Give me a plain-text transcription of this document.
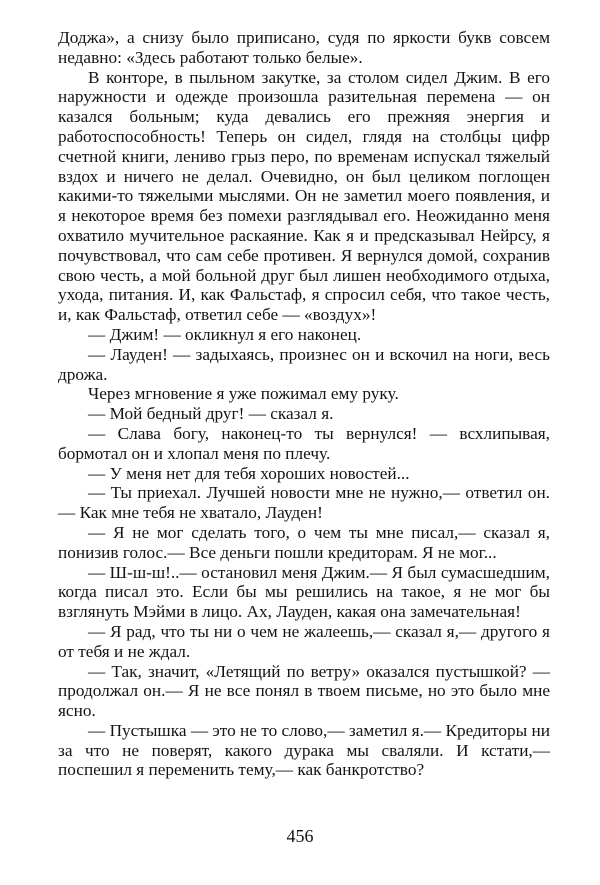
Доджа», а снизу было приписано, судя по яркости букв совсем недавно: «Здесь работают только белые».

В конторе, в пыльном закутке, за столом сидел Джим. В его наружности и одежде произошла разительная перемена — он казался больным; куда девались его прежняя энергия и работоспособность! Теперь он сидел, глядя на столбцы цифр счетной книги, лениво грыз перо, по временам испускал тяжелый вздох и ничего не делал. Очевидно, он был целиком поглощен какими-то тяжелыми мыслями. Он не заметил моего появления, и я некоторое время без помехи разглядывал его. Неожиданно меня охватило мучительное раскаяние. Как я и предсказывал Нейрсу, я почувствовал, что сам себе противен. Я вернулся домой, сохранив свою честь, а мой больной друг был лишен необходимого отдыха, ухода, питания. И, как Фальстаф, я спросил себя, что такое честь, и, как Фальстаф, ответил себе — «воздух»!

— Джим! — окликнул я его наконец.

— Лауден! — задыхаясь, произнес он и вскочил на ноги, весь дрожа.

Через мгновение я уже пожимал ему руку.

— Мой бедный друг! — сказал я.

— Слава богу, наконец-то ты вернулся! — всхлипывая, бормотал он и хлопал меня по плечу.

— У меня нет для тебя хороших новостей...

— Ты приехал. Лучшей новости мне не нужно,— ответил он.— Как мне тебя не хватало, Лауден!

— Я не мог сделать того, о чем ты мне писал,— сказал я, понизив голос.— Все деньги пошли кредиторам. Я не мог...

— Ш-ш-ш!..— остановил меня Джим.— Я был сумасшедшим, когда писал это. Если бы мы решились на такое, я не мог бы взглянуть Мэйми в лицо. Ах, Лауден, какая она замечательная!

— Я рад, что ты ни о чем не жалеешь,— сказал я,— другого я от тебя и не ждал.

— Так, значит, «Летящий по ветру» оказался пустышкой? — продолжал он.— Я не все понял в твоем письме, но это было мне ясно.

— Пустышка — это не то слово,— заметил я.— Кредиторы ни за что не поверят, какого дурака мы сваляли. И кстати,— поспешил я переменить тему,— как банкротство?

456
